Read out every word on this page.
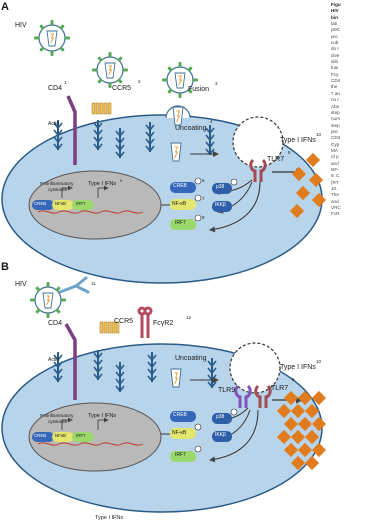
A
HIV
CD4
1
CCR5
2
Fusion
3
Actin
Uncoating
4
TLR7
5
Type I IFNs
10
CREB
6
p38
NF-κB
7
IKKβ
IRF7
8
Proinflammatory
cytokines
Type I IFNs
9
CREB NFκB IRF7
B
HIV	11
CD4	CCR5	FcγR2
12
Actin	Uncoating
TLR9	TLR7
5
Type I IFNs
10
CREB	p38
NF-κB	IKKβ
IRF7
Proinflammatory
cytokines
Type I IFNs
CREB NFκB IRF7
Type I IFNs
Figu
HIV
bin
tati
pDC
pro
cub
do r
dive
allo
fusi
Fcy
CD4
the
7 an
no r
Abs
step
num
step
pre
CD4
Cyp
MA
of p
and
NF-
9. C
(RT
10.
The
and
VRC
FcR
